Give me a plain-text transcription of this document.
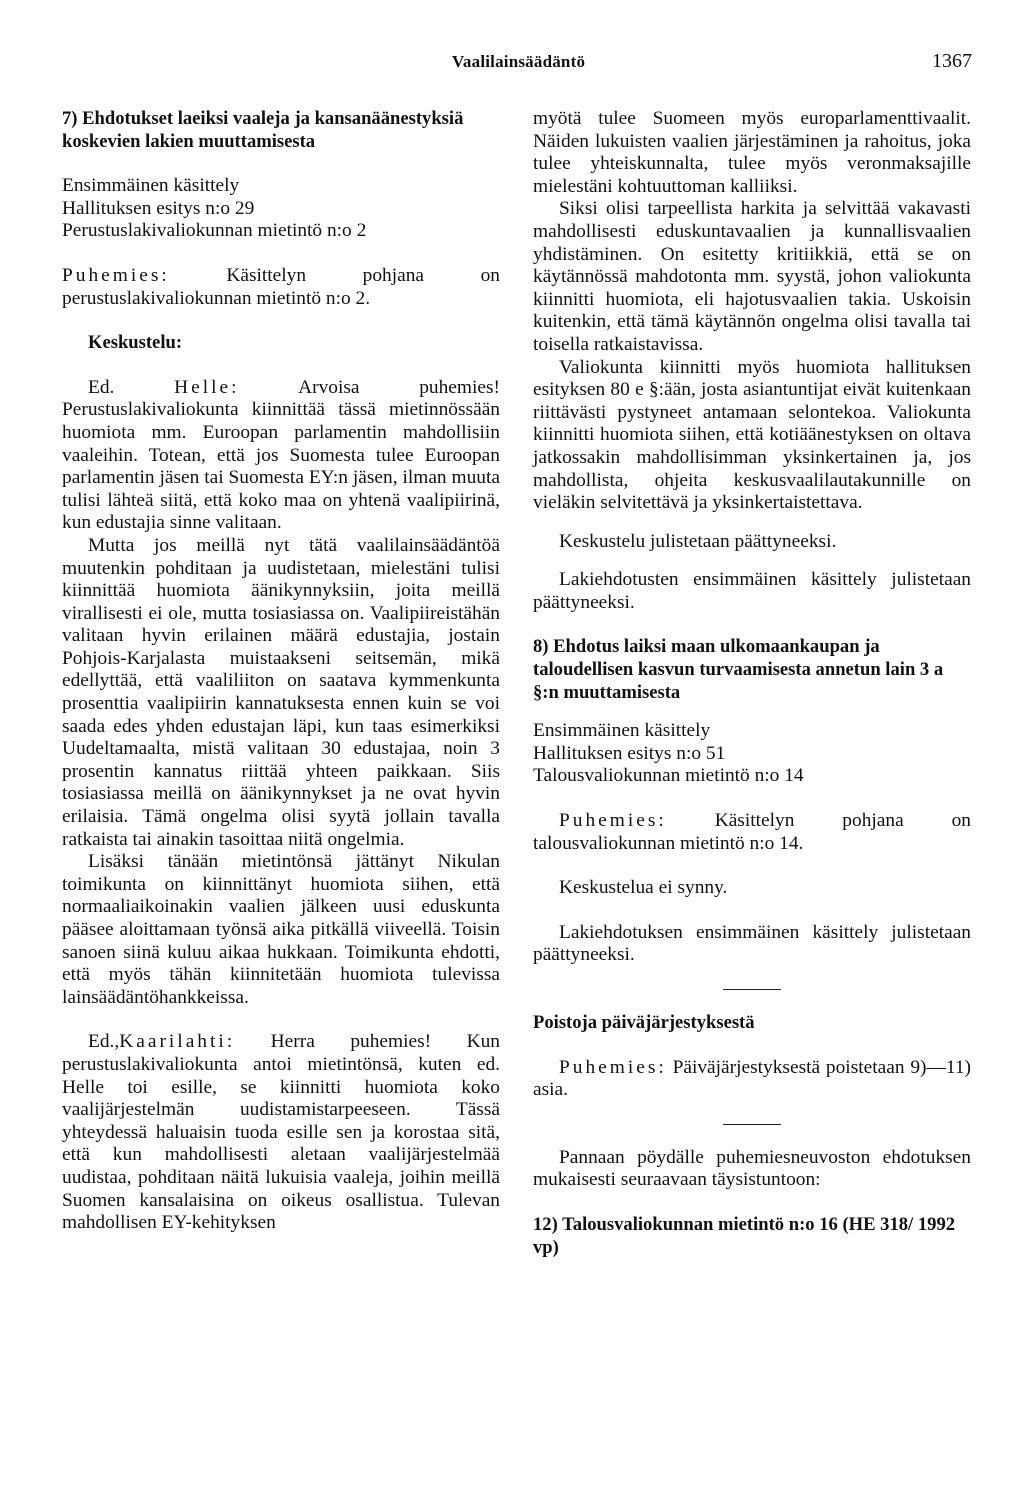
Vaalilainsäädäntö	1367

7) Ehdotukset laeiksi vaaleja ja kansanäänestyksiä koskevien lakien muuttamisesta

Ensimmäinen käsittely
Hallituksen esitys n:o 29
Perustuslakivaliokunnan mietintö n:o 2

Puhemies: Käsittelyn pohjana on perustuslakivaliokunnan mietintö n:o 2.

Keskustelu:

Ed. Helle: Arvoisa puhemies! Perustuslakivaliokunta kiinnittää tässä mietinnössään huomiota mm. Euroopan parlamentin mahdollisiin vaaleihin. Totean, että jos Suomesta tulee Euroopan parlamentin jäsen tai Suomesta EY:n jäsen, ilman muuta tulisi lähteä siitä, että koko maa on yhtenä vaalipiirinä, kun edustajia sinne valitaan.

Mutta jos meillä nyt tätä vaalilainsäädäntöä muutenkin pohditaan ja uudistetaan, mielestäni tulisi kiinnittää huomiota äänikynnyksiin, joita meillä virallisesti ei ole, mutta tosiasiassa on. Vaalipiireistähän valitaan hyvin erilainen määrä edustajia, jostain Pohjois-Karjalasta muistaakseni seitsemän, mikä edellyttää, että vaaliliiton on saatava kymmenkunta prosenttia vaalipiirin kannatuksesta ennen kuin se voi saada edes yhden edustajan läpi, kun taas esimerkiksi Uudeltamaalta, mistä valitaan 30 edustajaa, noin 3 prosentin kannatus riittää yhteen paikkaan. Siis tosiasiassa meillä on äänikynnykset ja ne ovat hyvin erilaisia. Tämä ongelma olisi syytä jollain tavalla ratkaista tai ainakin tasoittaa niitä ongelmia.

Lisäksi tänään mietintönsä jättänyt Nikulan toimikunta on kiinnittänyt huomiota siihen, että normaaliaikoinakin vaalien jälkeen uusi eduskunta pääsee aloittamaan työnsä aika pitkällä viiveellä. Toisin sanoen siinä kuluu aikaa hukkaan. Toimikunta ehdotti, että myös tähän kiinnitetään huomiota tulevissa lainsäädäntöhankkeissa.

Ed.,Kaarilahti: Herra puhemies! Kun perustuslakivaliokunta antoi mietintönsä, kuten ed. Helle toi esille, se kiinnitti huomiota koko vaalijärjestelmän uudistamistarpeeseen. Tässä yhteydessä haluaisin tuoda esille sen ja korostaa sitä, että kun mahdollisesti aletaan vaalijärjestelmää uudistaa, pohditaan näitä lukuisia vaaleja, joihin meillä Suomen kansalaisina on oikeus osallistua. Tulevan mahdollisen EY-kehityksen

myötä tulee Suomeen myös europarlamenttivaalit. Näiden lukuisten vaalien järjestäminen ja rahoitus, joka tulee yhteiskunnalta, tulee myös veronmaksajille mielestäni kohtuuttoman kalliiksi.

Siksi olisi tarpeellista harkita ja selvittää vakavasti mahdollisesti eduskuntavaalien ja kunnallisvaalien yhdistäminen. On esitetty kritiikkiä, että se on käytännössä mahdotonta mm. syystä, johon valiokunta kiinnitti huomiota, eli hajotusvaalien takia. Uskoisin kuitenkin, että tämä käytännön ongelma olisi tavalla tai toisella ratkaistavissa.

Valiokunta kiinnitti myös huomiota hallituksen esityksen 80 e §:ään, josta asiantuntijat eivät kuitenkaan riittävästi pystyneet antamaan selontekoa. Valiokunta kiinnitti huomiota siihen, että kotiäänestyksen on oltava jatkossakin mahdollisimman yksinkertainen ja, jos mahdollista, ohjeita keskusvaalilautakunnille on vieläkin selvitettävä ja yksinkertaistettava.

Keskustelu julistetaan päättyneeksi.

Lakiehdotusten ensimmäinen käsittely julistetaan päättyneeksi.

8) Ehdotus laiksi maan ulkomaankaupan ja taloudellisen kasvun turvaamisesta annetun lain 3 a §:n muuttamisesta

Ensimmäinen käsittely
Hallituksen esitys n:o 51
Talousvaliokunnan mietintö n:o 14

Puhemies: Käsittelyn pohjana on talousvaliokunnan mietintö n:o 14.

Keskustelua ei synny.

Lakiehdotuksen ensimmäinen käsittely julistetaan päättyneeksi.

Poistoja päiväjärjestyksestä

Puhemies: Päiväjärjestyksestä poistetaan 9)—11) asia.

Pannaan pöydälle puhemiesneuvoston ehdotuksen mukaisesti seuraavaan täysistuntoon:

12) Talousvaliokunnan mietintö n:o 16 (HE 318/ 1992 vp)
